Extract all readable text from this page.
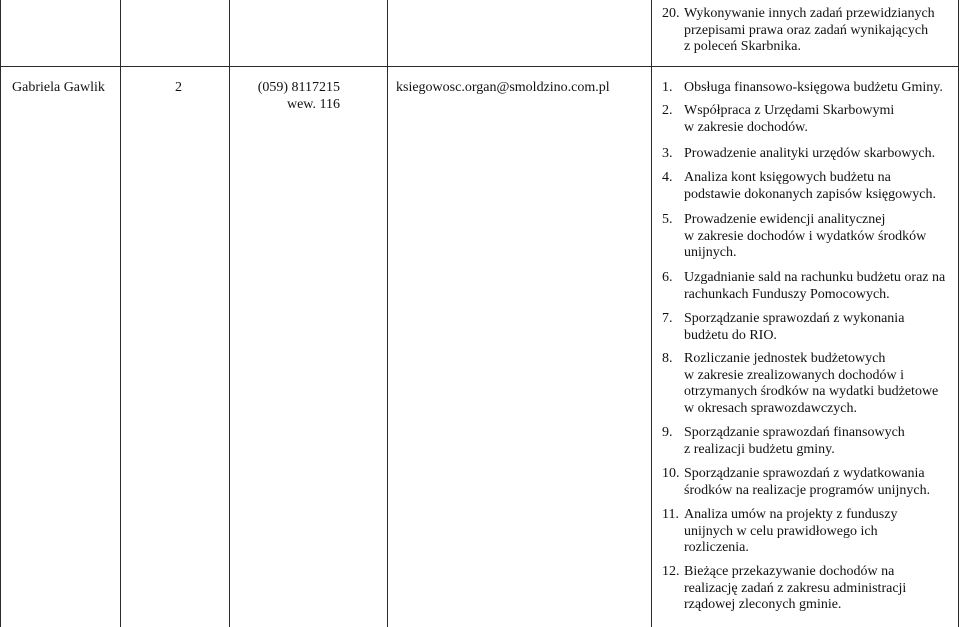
20. Wykonywanie innych zadań przewidzianych
przepisami prawa oraz zadań wynikających
z poleceń Skarbnika.
Gabriela Gawlik	2	(059) 8117215
wew. 116
ksiegowosc.organ@smoldzino.com.pl	1. Obsługa finansowo-księgowa budżetu Gminy.
2. Współpraca z Urzędami Skarbowymi
w zakresie dochodów.
3. Prowadzenie analityki urzędów skarbowych.
4. Analiza kont księgowych budżetu na
podstawie dokonanych zapisów księgowych.
5. Prowadzenie ewidencji analitycznej
w zakresie dochodów i wydatków środków
unijnych.
6. Uzgadnianie sald na rachunku budżetu oraz na
rachunkach Funduszy Pomocowych.
7. Sporządzanie sprawozdań z wykonania
budżetu do RIO.
8. Rozliczanie jednostek budżetowych
w zakresie zrealizowanych dochodów i
otrzymanych środków na wydatki budżetowe
w okresach sprawozdawczych.
9. Sporządzanie sprawozdań finansowych
z realizacji budżetu gminy.
10. Sporządzanie sprawozdań z wydatkowania
środków na realizacje programów unijnych.
11. Analiza umów na projekty z funduszy
unijnych w celu prawidłowego ich
rozliczenia.
12. Bieżące przekazywanie dochodów na
realizację zadań z zakresu administracji
rządowej zleconych gminie.
